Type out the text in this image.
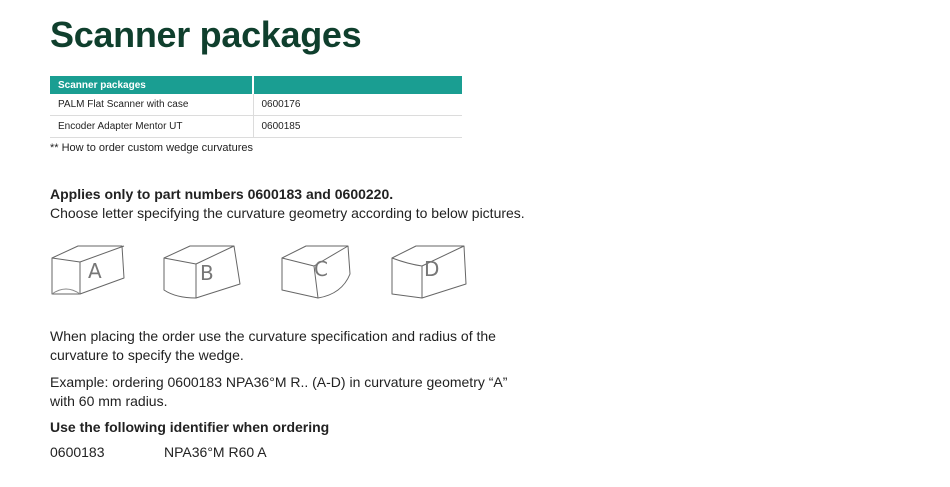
Scanner packages
Scanner packages	
PALM Flat Scanner with case	0600176
Encoder Adapter Mentor UT	0600185
** How to order custom wedge curvatures
Applies only to part numbers 0600183 and 0600220.
Choose letter specifying the curvature geometry according to below pictures.
A	B	C	D
When placing the order use the curvature specification and radius of the
curvature to specify the wedge.
Example: ordering 0600183 NPA36°M R.. (A-D) in curvature geometry “A”
with 60 mm radius.
Use the following identifier when ordering
0600183	NPA36°M R60 A
